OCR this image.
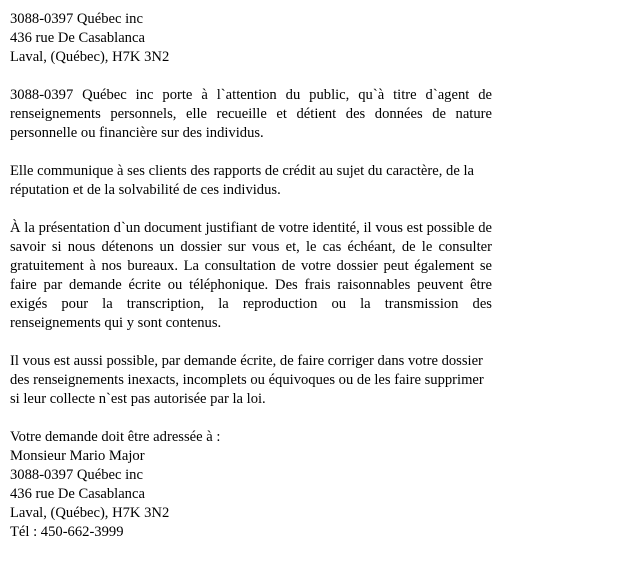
3088-0397 Québec inc
436 rue De Casablanca
Laval, (Québec), H7K 3N2

3088-0397 Québec inc porte à l`attention du public, qu`à titre d`agent de renseignements personnels, elle recueille et détient des données de nature personnelle ou financière sur des individus.

Elle communique à ses clients des rapports de crédit au sujet du caractère, de la réputation et de la solvabilité de ces individus.

À la présentation d`un document justifiant de votre identité, il vous est possible de savoir si nous détenons un dossier sur vous et, le cas échéant, de le consulter gratuitement à nos bureaux. La consultation de votre dossier peut également se faire par demande écrite ou téléphonique. Des frais raisonnables peuvent être exigés pour la transcription, la reproduction ou la transmission des renseignements qui y sont contenus.

Il vous est aussi possible, par demande écrite, de faire corriger dans votre dossier des renseignements inexacts, incomplets ou équivoques ou de les faire supprimer si leur collecte n`est pas autorisée par la loi.

Votre demande doit être adressée à :
Monsieur Mario Major
3088-0397 Québec inc
436 rue De Casablanca
Laval, (Québec), H7K 3N2
Tél : 450-662-3999
